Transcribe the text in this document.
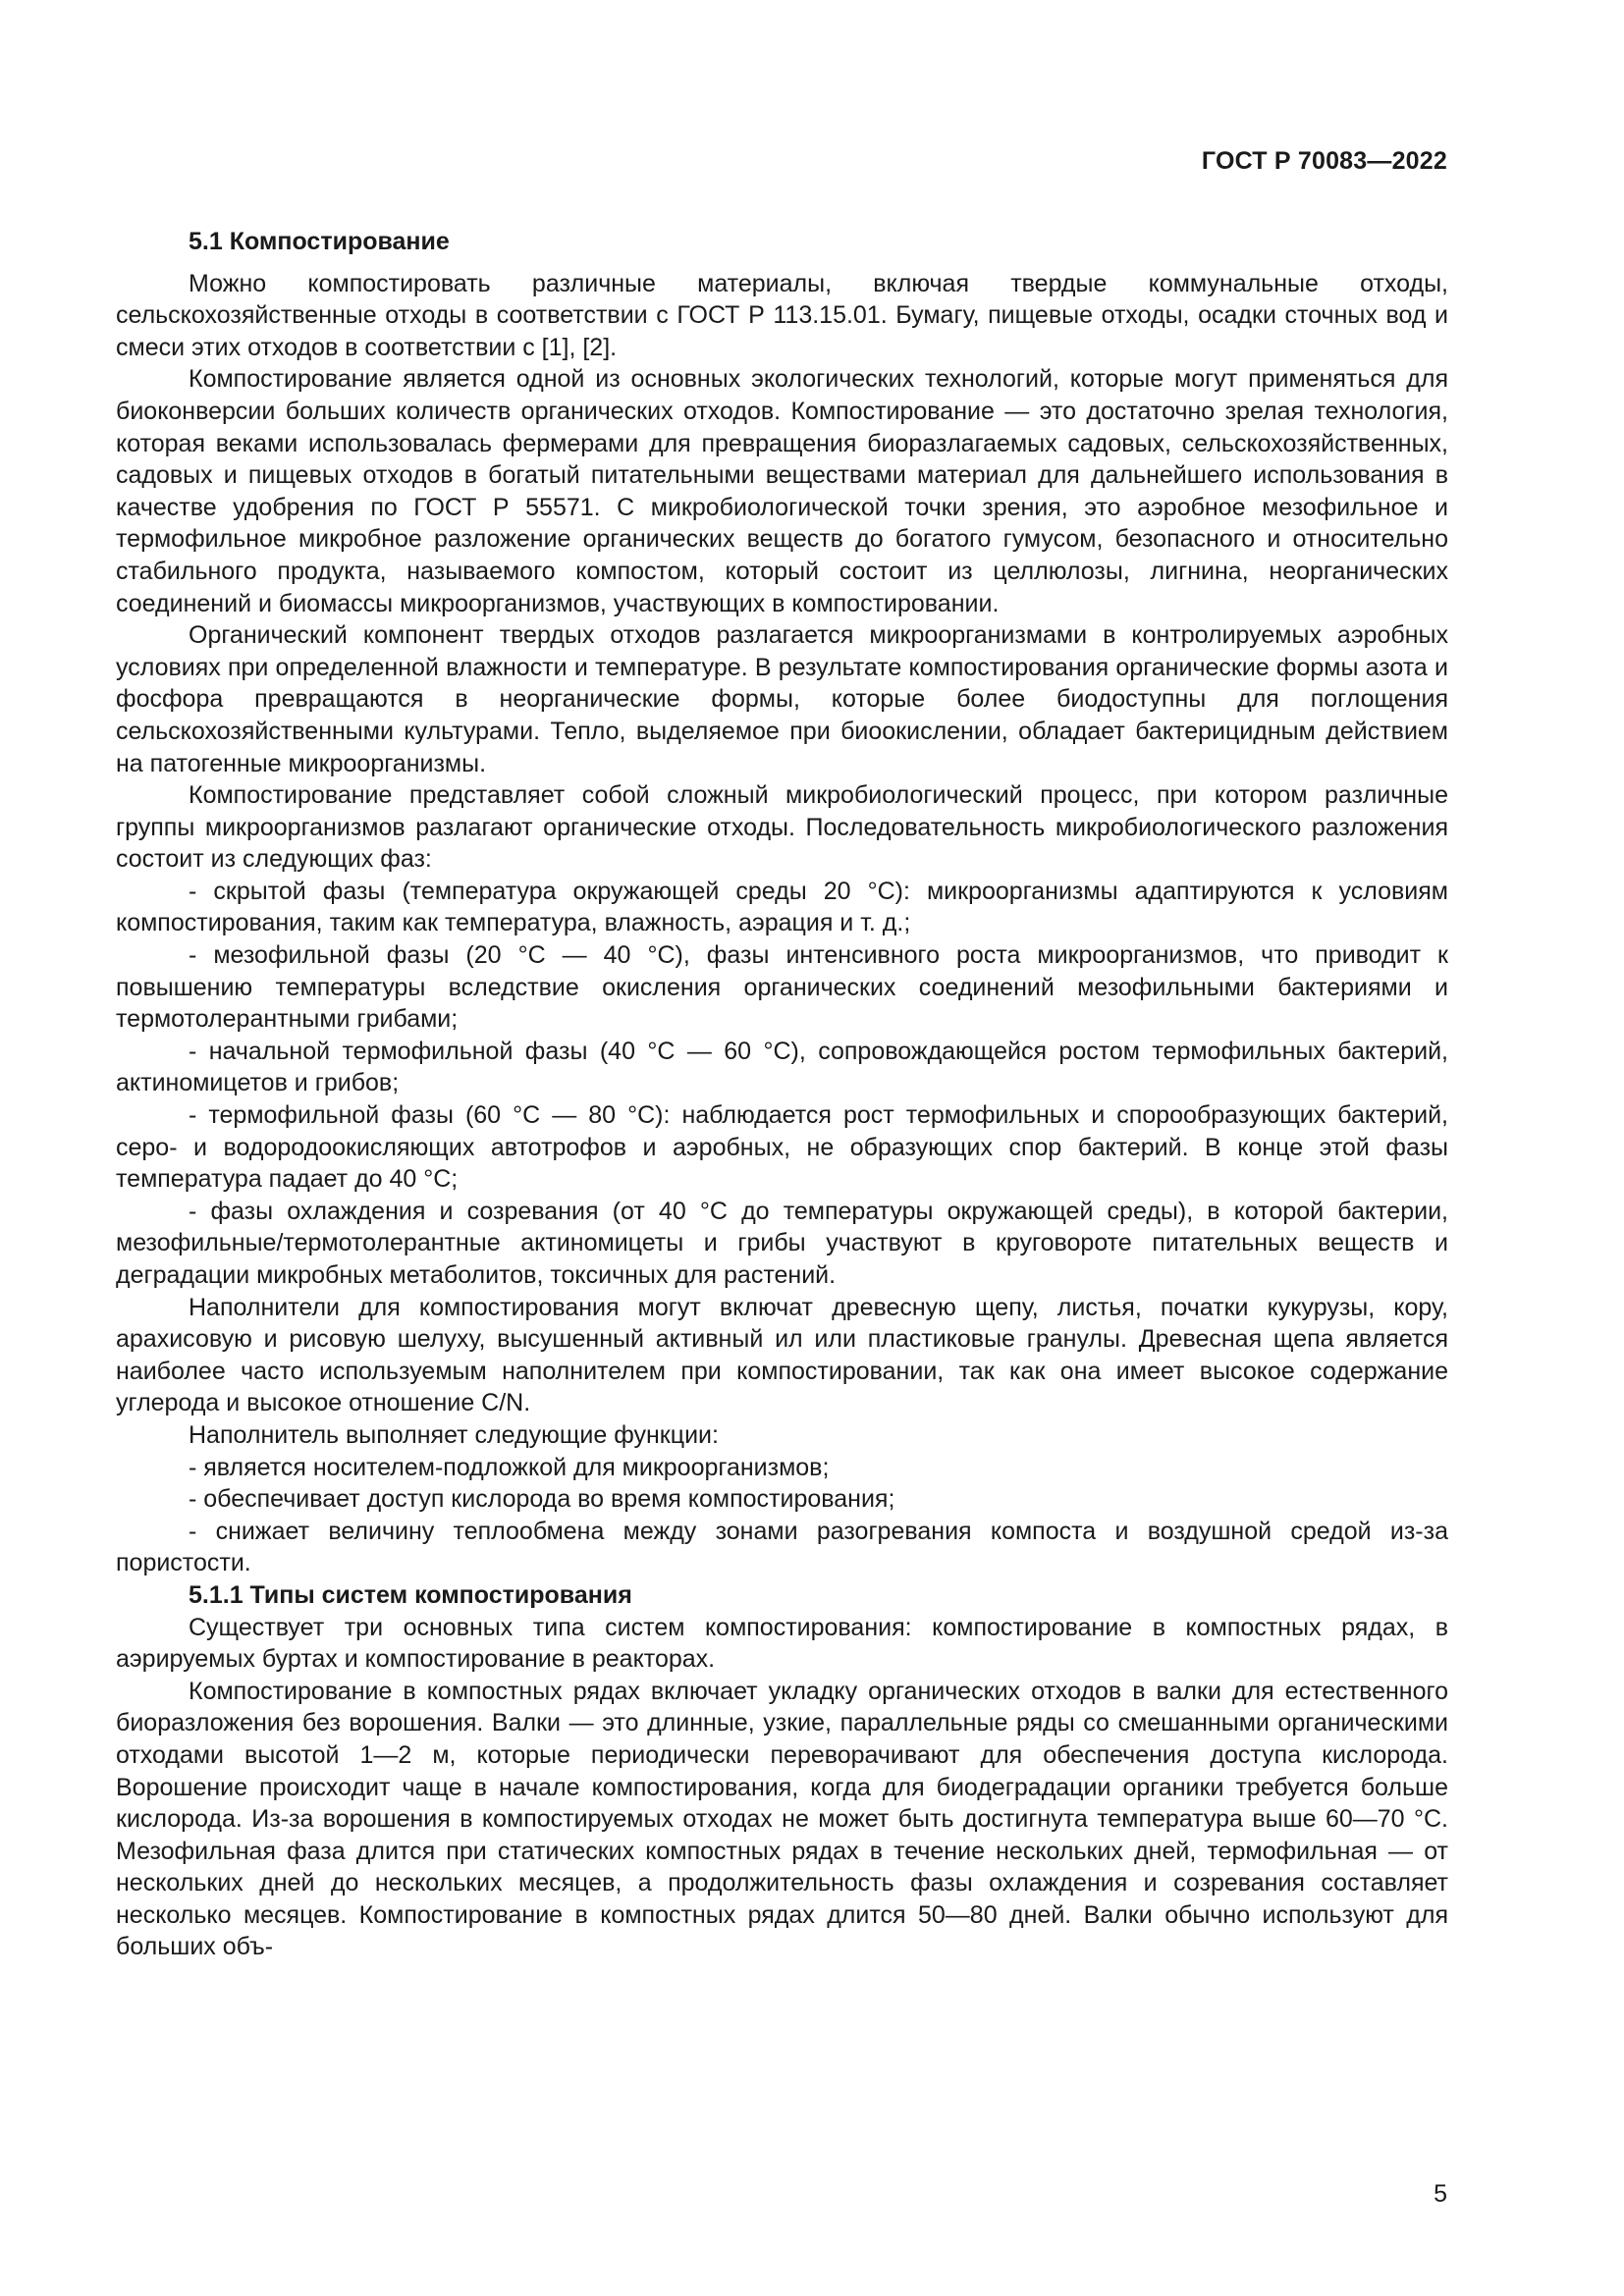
ГОСТ Р 70083—2022

5.1 Компостирование

Можно компостировать различные материалы, включая твердые коммунальные отходы, сельскохозяйственные отходы в соответствии с ГОСТ Р 113.15.01. Бумагу, пищевые отходы, осадки сточных вод и смеси этих отходов в соответствии с [1], [2].

Компостирование является одной из основных экологических технологий, которые могут применяться для биоконверсии больших количеств органических отходов. Компостирование — это достаточно зрелая технология, которая веками использовалась фермерами для превращения биоразлагаемых садовых, сельскохозяйственных, садовых и пищевых отходов в богатый питательными веществами материал для дальнейшего использования в качестве удобрения по ГОСТ Р 55571. С микробиологической точки зрения, это аэробное мезофильное и термофильное микробное разложение органических веществ до богатого гумусом, безопасного и относительно стабильного продукта, называемого компостом, который состоит из целлюлозы, лигнина, неорганических соединений и биомассы микроорганизмов, участвующих в компостировании.

Органический компонент твердых отходов разлагается микроорганизмами в контролируемых аэробных условиях при определенной влажности и температуре. В результате компостирования органические формы азота и фосфора превращаются в неорганические формы, которые более биодоступны для поглощения сельскохозяйственными культурами. Тепло, выделяемое при биоокислении, обладает бактерицидным действием на патогенные микроорганизмы.

Компостирование представляет собой сложный микробиологический процесс, при котором различные группы микроорганизмов разлагают органические отходы. Последовательность микробиологического разложения состоит из следующих фаз:

- скрытой фазы (температура окружающей среды 20 °С): микроорганизмы адаптируются к условиям компостирования, таким как температура, влажность, аэрация и т. д.;

- мезофильной фазы (20 °С — 40 °С), фазы интенсивного роста микроорганизмов, что приводит к повышению температуры вследствие окисления органических соединений мезофильными бактериями и термотолерантными грибами;

- начальной термофильной фазы (40 °С — 60 °С), сопровождающейся ростом термофильных бактерий, актиномицетов и грибов;

- термофильной фазы (60 °С — 80 °С): наблюдается рост термофильных и спорообразующих бактерий, серо- и водородоокисляющих автотрофов и аэробных, не образующих спор бактерий. В конце этой фазы температура падает до 40 °С;

- фазы охлаждения и созревания (от 40 °С до температуры окружающей среды), в которой бактерии, мезофильные/термотолерантные актиномицеты и грибы участвуют в круговороте питательных веществ и деградации микробных метаболитов, токсичных для растений.

Наполнители для компостирования могут включат древесную щепу, листья, початки кукурузы, кору, арахисовую и рисовую шелуху, высушенный активный ил или пластиковые гранулы. Древесная щепа является наиболее часто используемым наполнителем при компостировании, так как она имеет высокое содержание углерода и высокое отношение C/N.

Наполнитель выполняет следующие функции:

- является носителем-подложкой для микроорганизмов;

- обеспечивает доступ кислорода во время компостирования;

- снижает величину теплообмена между зонами разогревания компоста и воздушной средой из-за пористости.

5.1.1 Типы систем компостирования

Существует три основных типа систем компостирования: компостирование в компостных рядах, в аэрируемых буртах и компостирование в реакторах.

Компостирование в компостных рядах включает укладку органических отходов в валки для естественного биоразложения без ворошения. Валки — это длинные, узкие, параллельные ряды со смешанными органическими отходами высотой 1—2 м, которые периодически переворачивают для обеспечения доступа кислорода. Ворошение происходит чаще в начале компостирования, когда для биодеградации органики требуется больше кислорода. Из-за ворошения в компостируемых отходах не может быть достигнута температура выше 60—70 °С. Мезофильная фаза длится при статических компостных рядах в течение нескольких дней, термофильная — от нескольких дней до нескольких месяцев, а продолжительность фазы охлаждения и созревания составляет несколько месяцев. Компостирование в компостных рядах длится 50—80 дней. Валки обычно используют для больших объ-

5
